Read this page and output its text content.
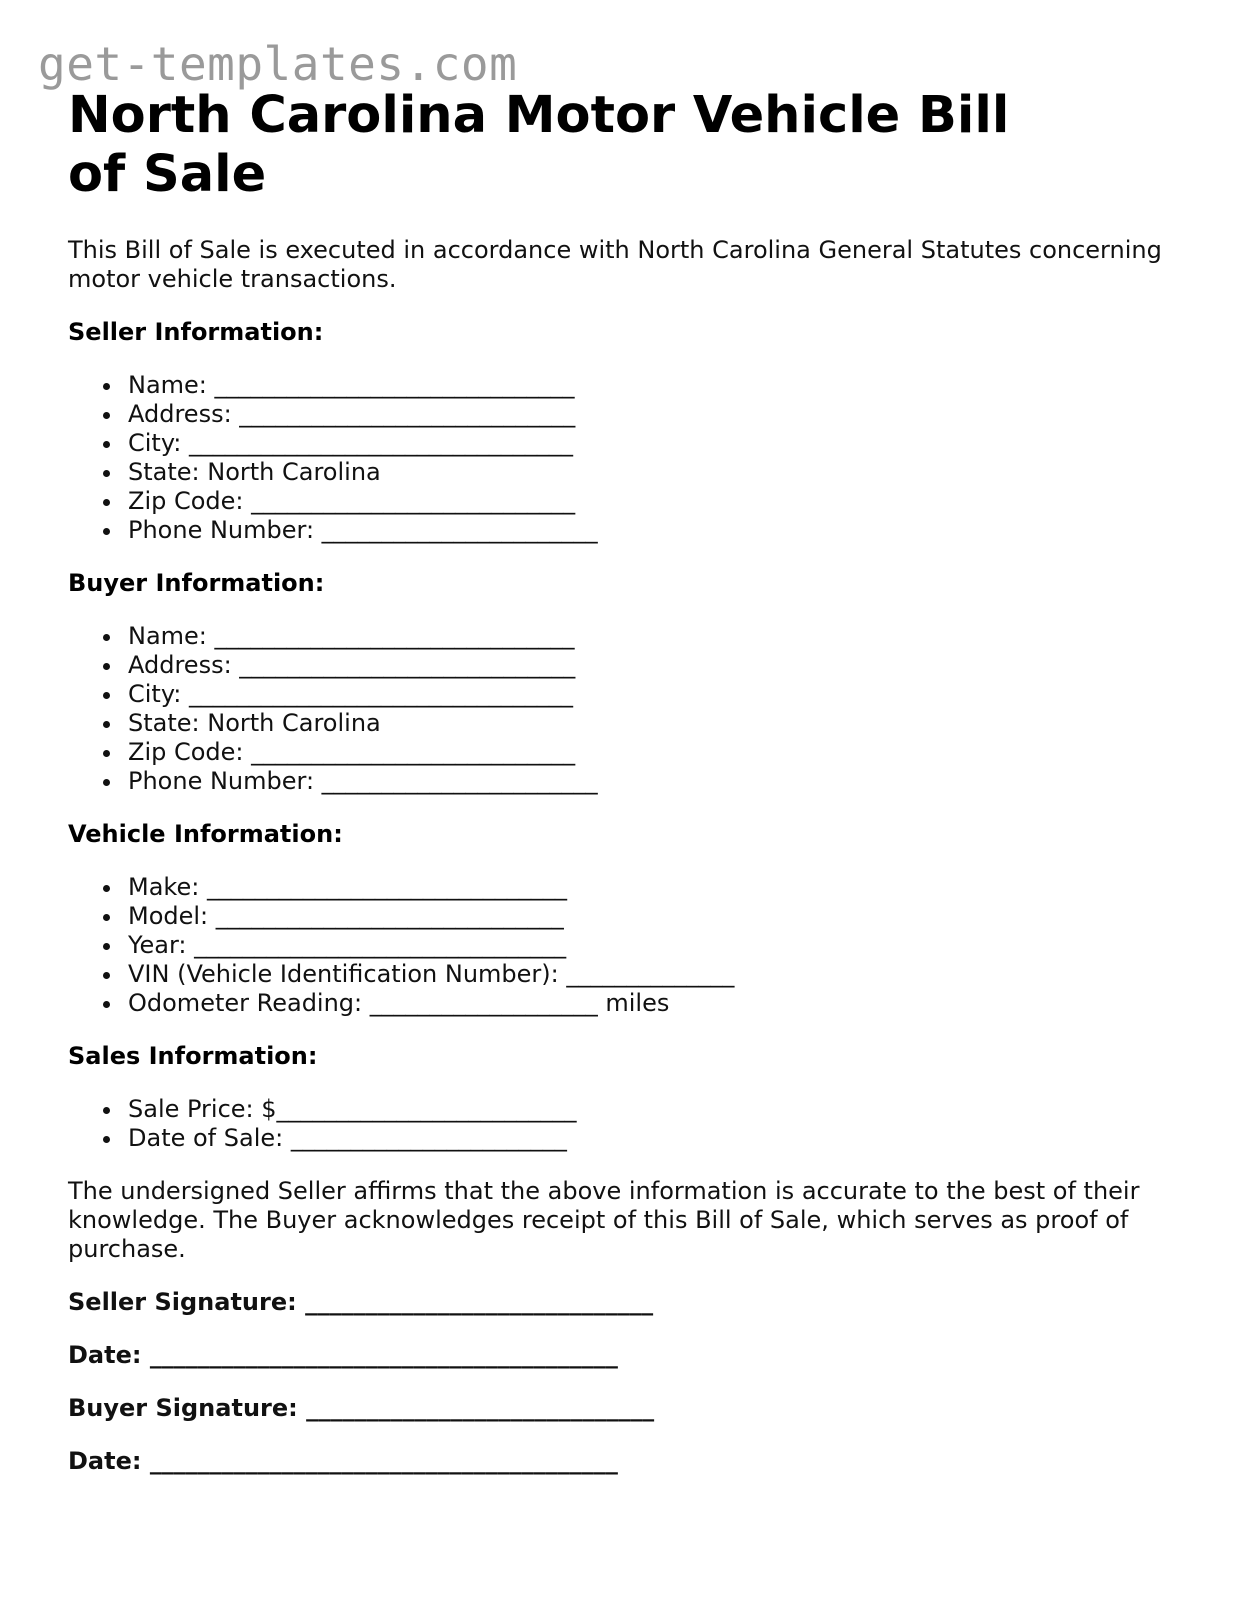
get-templates.com
North Carolina Motor Vehicle Bill of Sale

This Bill of Sale is executed in accordance with North Carolina General Statutes concerning motor vehicle transactions.

Seller Information:
Name: ______________________________
Address: ____________________________
City: ________________________________
State: North Carolina
Zip Code: ___________________________
Phone Number: _______________________
Buyer Information:
Name: ______________________________
Address: ____________________________
City: ________________________________
State: North Carolina
Zip Code: ___________________________
Phone Number: _______________________
Vehicle Information:
Make: ______________________________
Model: _____________________________
Year: _______________________________
VIN (Vehicle Identification Number): ______________
Odometer Reading: ___________________ miles
Sales Information:
Sale Price: $_________________________
Date of Sale: _______________________

The undersigned Seller affirms that the above information is accurate to the best of their knowledge. The Buyer acknowledges receipt of this Bill of Sale, which serves as proof of purchase.

Seller Signature: _____________________________

Date: _______________________________________

Buyer Signature: _____________________________

Date: _______________________________________
